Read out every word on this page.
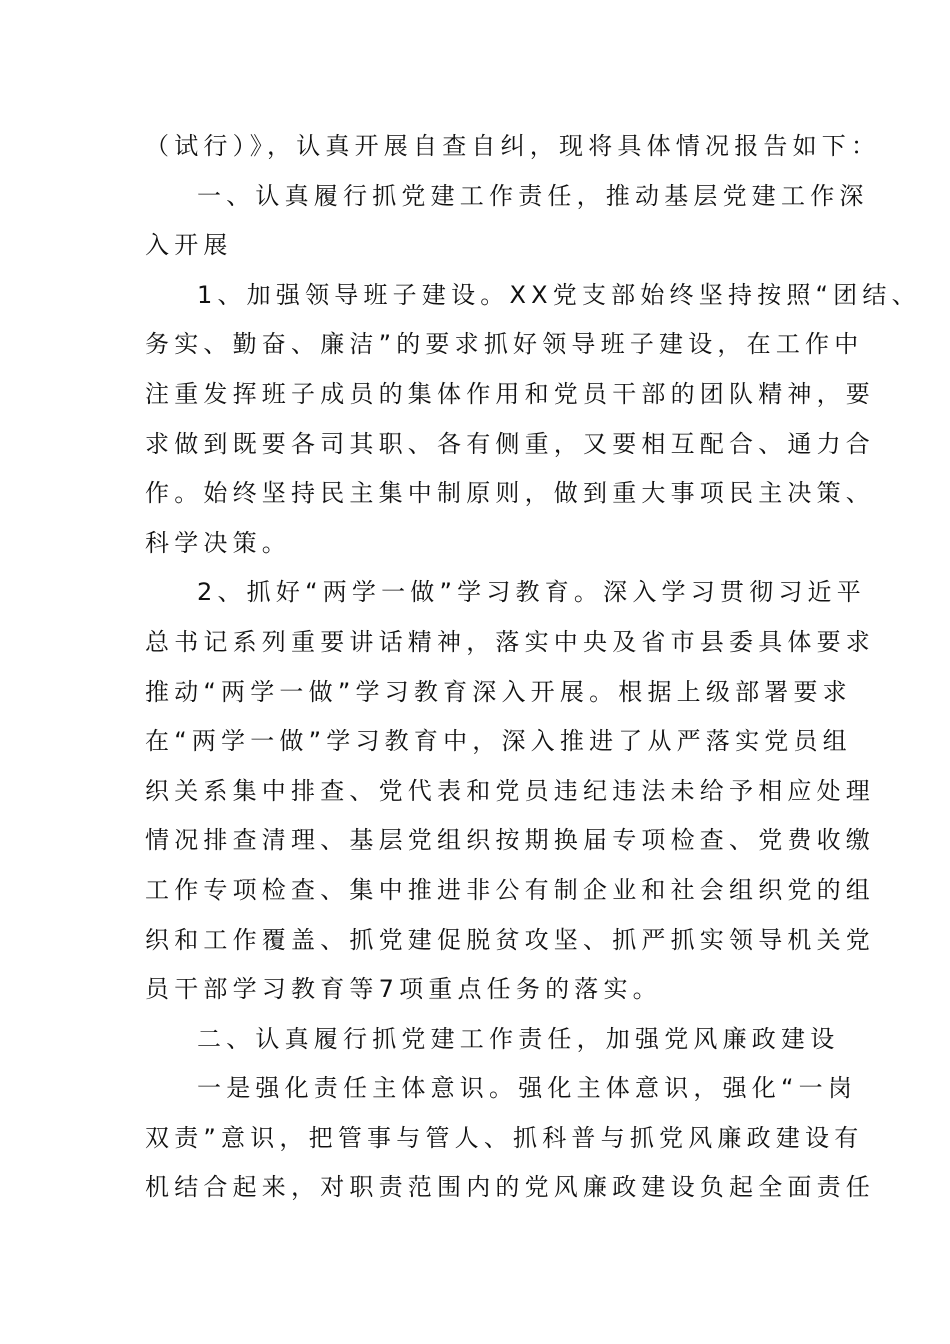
（试行）》，认真开展自查自纠，现将具体情况报告如下：
一、认真履行抓党建工作责任，推动基层党建工作深
入开展
1、加强领导班子建设。XX党支部始终坚持按照“团结、
务实、勤奋、廉洁”的要求抓好领导班子建设，在工作中
注重发挥班子成员的集体作用和党员干部的团队精神，要
求做到既要各司其职、各有侧重，又要相互配合、通力合
作。始终坚持民主集中制原则，做到重大事项民主决策、
科学决策。
2、抓好“两学一做”学习教育。深入学习贯彻习近平
总书记系列重要讲话精神，落实中央及省市县委具体要求
推动“两学一做”学习教育深入开展。根据上级部署要求
在“两学一做”学习教育中，深入推进了从严落实党员组
织关系集中排查、党代表和党员违纪违法未给予相应处理
情况排查清理、基层党组织按期换届专项检查、党费收缴
工作专项检查、集中推进非公有制企业和社会组织党的组
织和工作覆盖、抓党建促脱贫攻坚、抓严抓实领导机关党
员干部学习教育等7项重点任务的落实。
二、认真履行抓党建工作责任，加强党风廉政建设
一是强化责任主体意识。强化主体意识，强化“一岗
双责”意识，把管事与管人、抓科普与抓党风廉政建设有
机结合起来，对职责范围内的党风廉政建设负起全面责任
